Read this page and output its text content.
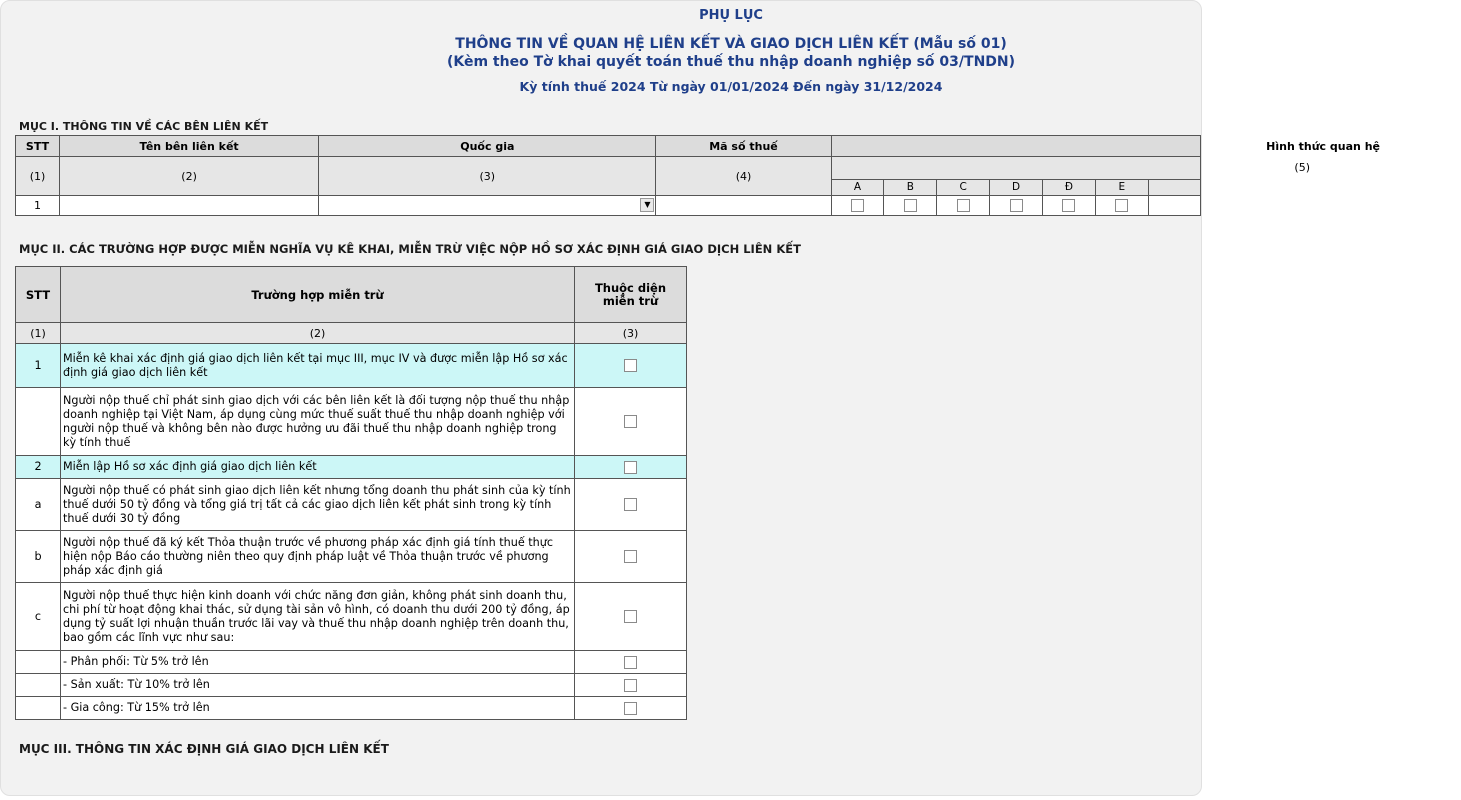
PHỤ LỤC
THÔNG TIN VỀ QUAN HỆ LIÊN KẾT VÀ GIAO DỊCH LIÊN KẾT (Mẫu số 01)
(Kèm theo Tờ khai quyết toán thuế thu nhập doanh nghiệp số 03/TNDN)
Kỳ tính thuế 2024 Từ ngày 01/01/2024 Đến ngày 31/12/2024
MỤC I. THÔNG TIN VỀ CÁC BÊN LIÊN KẾT
STT	Tên bên liên kết	Quốc gia	Mã số thuế	Hình thức quan hệ						
(1)	(2)	(3)	(4)	(5)						
				A	B	C	D	Đ	E	
1		▼								

MỤC II. CÁC TRƯỜNG HỢP ĐƯỢC MIỄN NGHĨA VỤ KÊ KHAI, MIỄN TRỪ VIỆC NỘP HỒ SƠ XÁC ĐỊNH GIÁ GIAO DỊCH LIÊN KẾT
STT	Trường hợp miễn trừ	Thuộc diện miễn trừ
(1)	(2)	(3)
1	Miễn kê khai xác định giá giao dịch liên kết tại mục III, mục IV và được miễn lập Hồ sơ xác định giá giao dịch liên kết	
	Người nộp thuế chỉ phát sinh giao dịch với các bên liên kết là đối tượng nộp thuế thu nhập doanh nghiệp tại Việt Nam, áp dụng cùng mức thuế suất thuế thu nhập doanh nghiệp với người nộp thuế và không bên nào được hưởng ưu đãi thuế thu nhập doanh nghiệp trong kỳ tính thuế	
2	Miễn lập Hồ sơ xác định giá giao dịch liên kết	
a	Người nộp thuế có phát sinh giao dịch liên kết nhưng tổng doanh thu phát sinh của kỳ tính thuế dưới 50 tỷ đồng và tổng giá trị tất cả các giao dịch liên kết phát sinh trong kỳ tính thuế dưới 30 tỷ đồng	
b	Người nộp thuế đã ký kết Thỏa thuận trước về phương pháp xác định giá tính thuế thực hiện nộp Báo cáo thường niên theo quy định pháp luật về Thỏa thuận trước về phương pháp xác định giá	
c	Người nộp thuế thực hiện kinh doanh với chức năng đơn giản, không phát sinh doanh thu, chi phí từ hoạt động khai thác, sử dụng tài sản vô hình, có doanh thu dưới 200 tỷ đồng, áp dụng tỷ suất lợi nhuận thuần trước lãi vay và thuế thu nhập doanh nghiệp trên doanh thu, bao gồm các lĩnh vực như sau:	
	- Phân phối: Từ 5% trở lên	
	- Sản xuất: Từ 10% trở lên	
	- Gia công: Từ 15% trở lên	
MỤC III. THÔNG TIN XÁC ĐỊNH GIÁ GIAO DỊCH LIÊN KẾT
